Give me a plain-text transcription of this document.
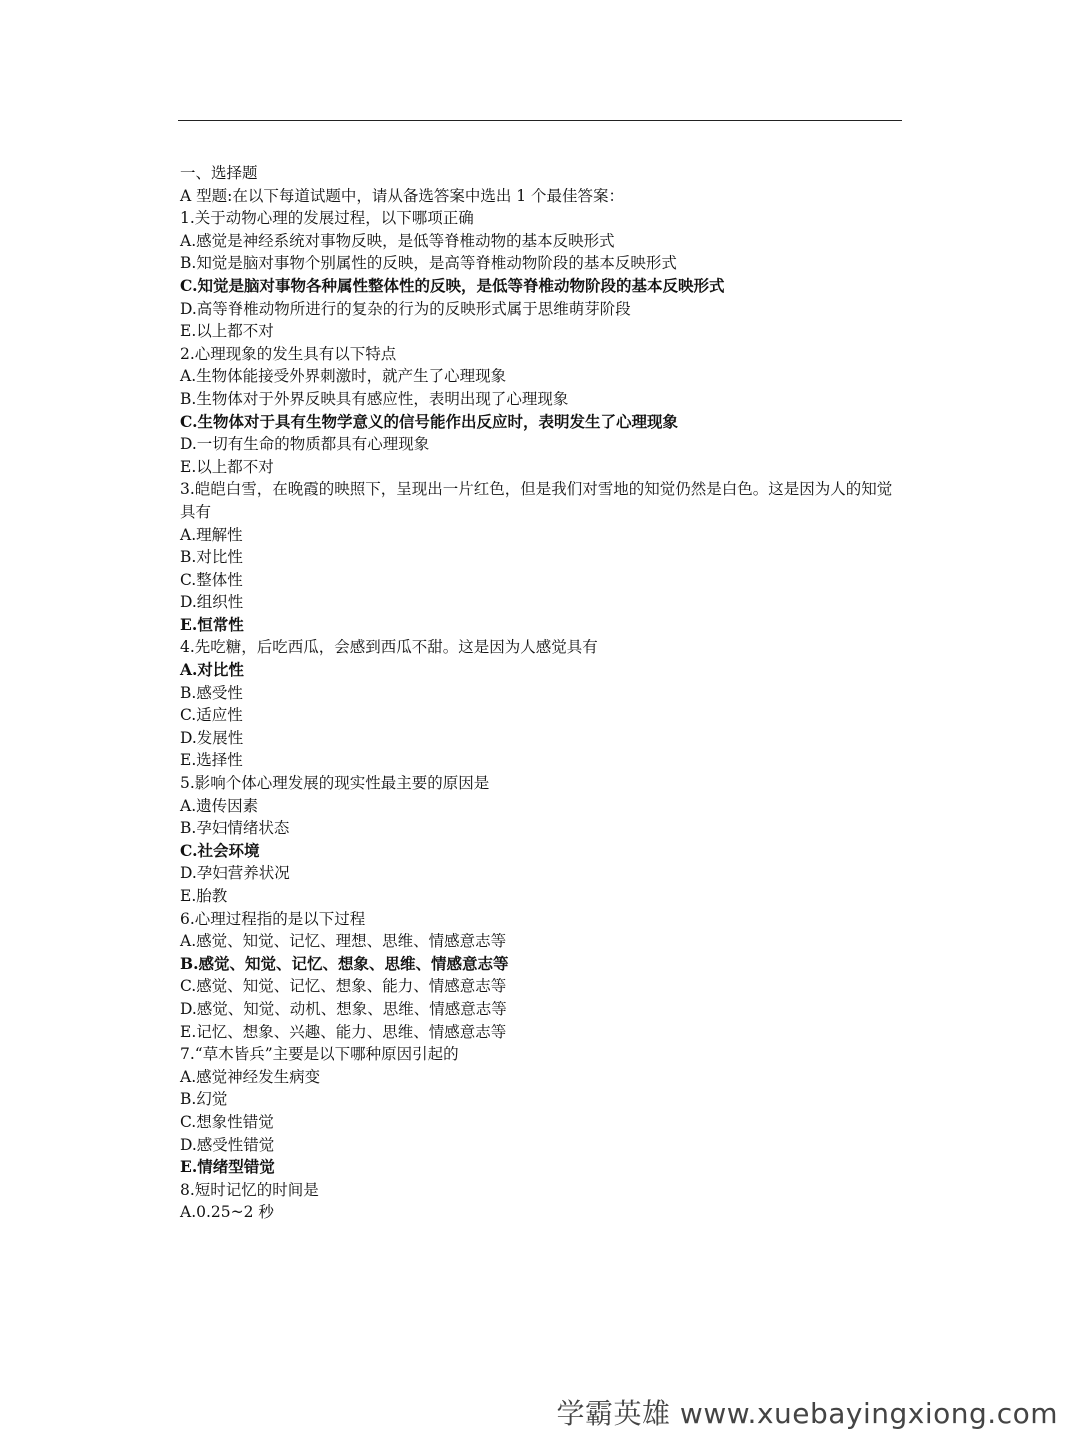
一、选择题
A 型题:在以下每道试题中，请从备选答案中选出 1 个最佳答案：
1.关于动物心理的发展过程，以下哪项正确
A.感觉是神经系统对事物反映，是低等脊椎动物的基本反映形式
B.知觉是脑对事物个别属性的反映，是高等脊椎动物阶段的基本反映形式
C.知觉是脑对事物各种属性整体性的反映，是低等脊椎动物阶段的基本反映形式
D.高等脊椎动物所进行的复杂的行为的反映形式属于思维萌芽阶段
E.以上都不对
2.心理现象的发生具有以下特点
A.生物体能接受外界刺激时，就产生了心理现象
B.生物体对于外界反映具有感应性，表明出现了心理现象
C.生物体对于具有生物学意义的信号能作出反应时，表明发生了心理现象
D.一切有生命的物质都具有心理现象
E.以上都不对
3.皑皑白雪，在晚霞的映照下，呈现出一片红色，但是我们对雪地的知觉仍然是白色。这是因为人的知觉具有
A.理解性
B.对比性
C.整体性
D.组织性
E.恒常性
4.先吃糖，后吃西瓜，会感到西瓜不甜。这是因为人感觉具有
A.对比性
B.感受性
C.适应性
D.发展性
E.选择性
5.影响个体心理发展的现实性最主要的原因是
A.遗传因素
B.孕妇情绪状态
C.社会环境
D.孕妇营养状况
E.胎教
6.心理过程指的是以下过程
A.感觉、知觉、记忆、理想、思维、情感意志等
B.感觉、知觉、记忆、想象、思维、情感意志等
C.感觉、知觉、记忆、想象、能力、情感意志等
D.感觉、知觉、动机、想象、思维、情感意志等
E.记忆、想象、兴趣、能力、思维、情感意志等
7.“草木皆兵”主要是以下哪种原因引起的
A.感觉神经发生病变
B.幻觉
C.想象性错觉
D.感受性错觉
E.情绪型错觉
8.短时记忆的时间是
A.0.25~2 秒
学霸英雄 www.xuebayingxiong.com
